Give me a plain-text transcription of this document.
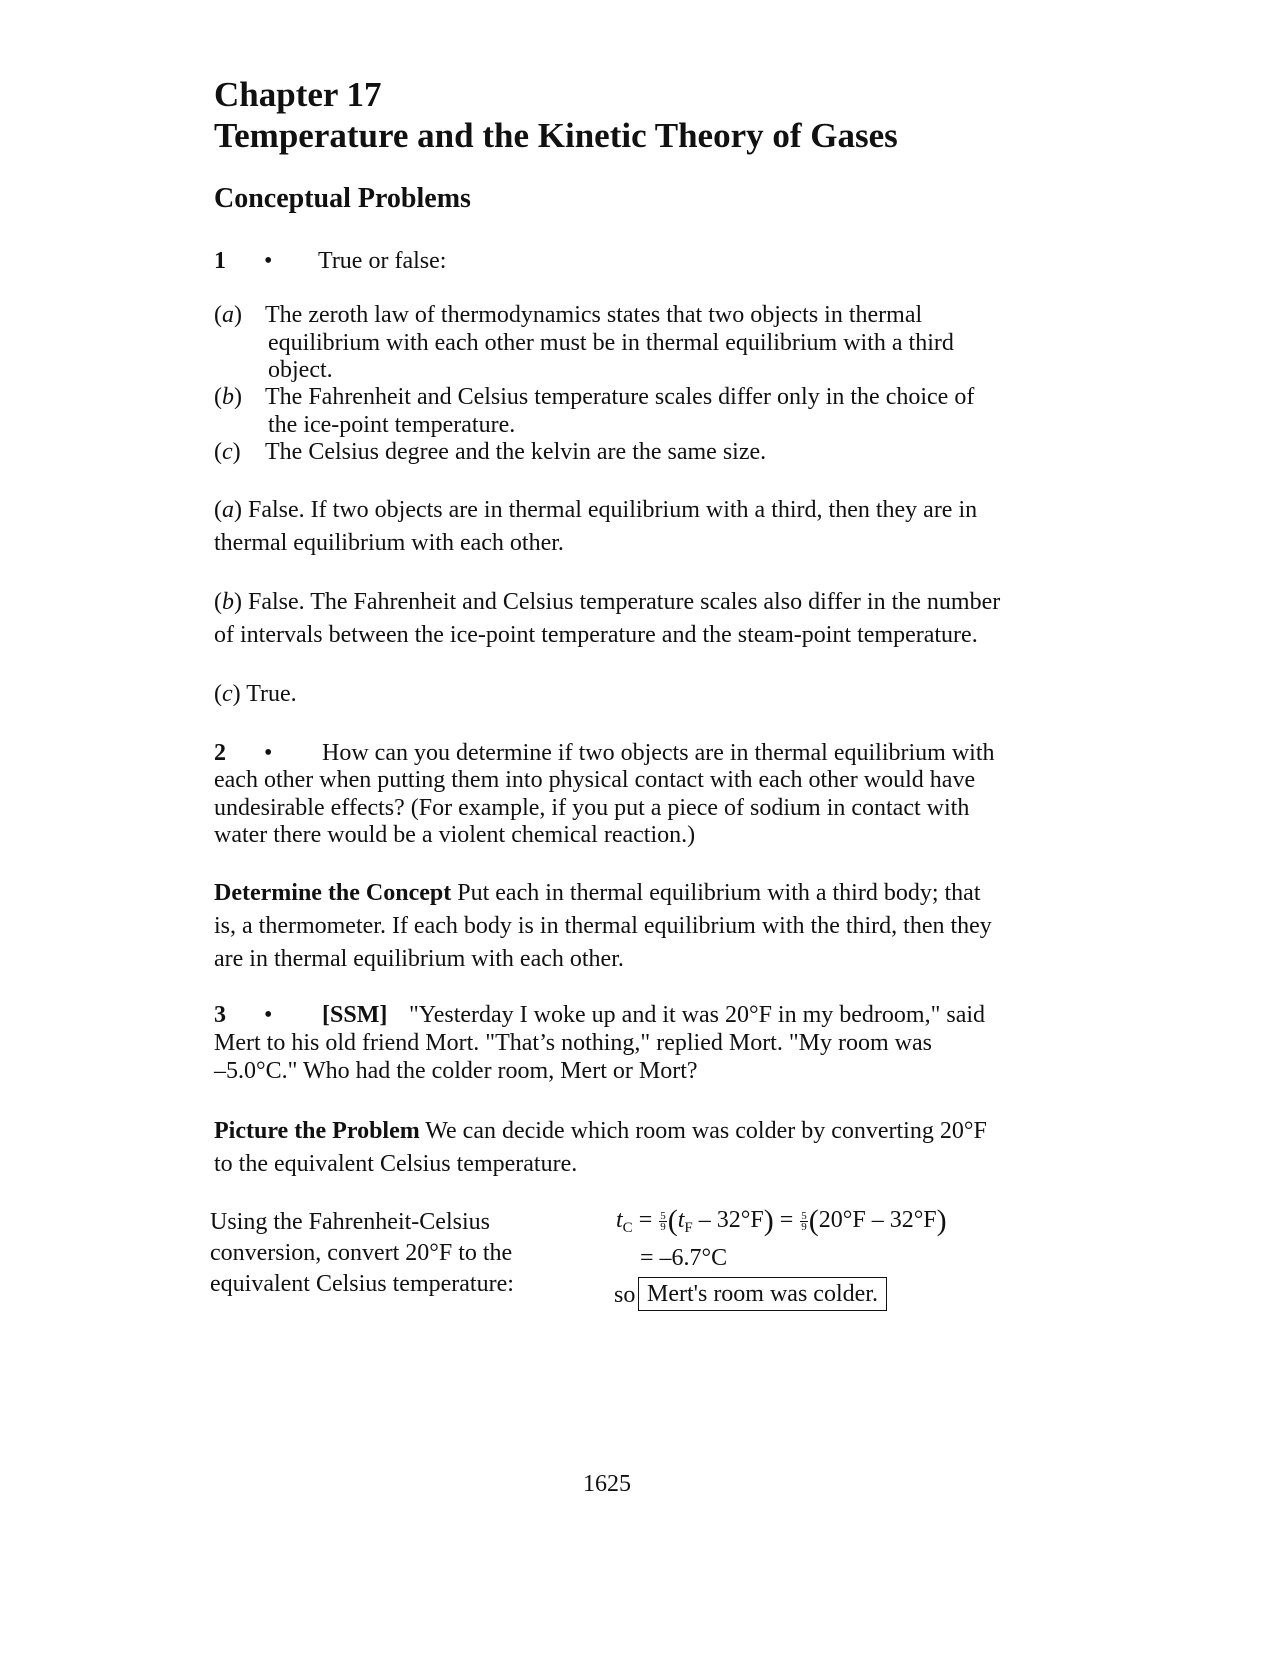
Chapter 17
Temperature and the Kinetic Theory of Gases
Conceptual Problems
1 • True or false:
(a) The zeroth law of thermodynamics states that two objects in thermal
equilibrium with each other must be in thermal equilibrium with a third
object.
(b) The Fahrenheit and Celsius temperature scales differ only in the choice of
the ice-point temperature.
(c) The Celsius degree and the kelvin are the same size.
(a) False. If two objects are in thermal equilibrium with a third, then they are in
thermal equilibrium with each other.
(b) False. The Fahrenheit and Celsius temperature scales also differ in the number
of intervals between the ice-point temperature and the steam-point temperature.
(c) True.
2 • How can you determine if two objects are in thermal equilibrium with
each other when putting them into physical contact with each other would have
undesirable effects? (For example, if you put a piece of sodium in contact with
water there would be a violent chemical reaction.)
Determine the Concept Put each in thermal equilibrium with a third body; that
is, a thermometer. If each body is in thermal equilibrium with the third, then they
are in thermal equilibrium with each other.
3 • [SSM] "Yesterday I woke up and it was 20°F in my bedroom," said
Mert to his old friend Mort. "That’s nothing," replied Mort. "My room was
–5.0°C." Who had the colder room, Mert or Mort?
Picture the Problem We can decide which room was colder by converting 20°F
to the equivalent Celsius temperature.
Using the Fahrenheit-Celsius
conversion, convert 20°F to the
equivalent Celsius temperature:
$t_C = \frac{5}{9} (t_F - 32^\circ F) = \frac{5}{9} (20^\circ F - 32^\circ F)$
= –6.7°C
so Mert's room was colder.
1625
